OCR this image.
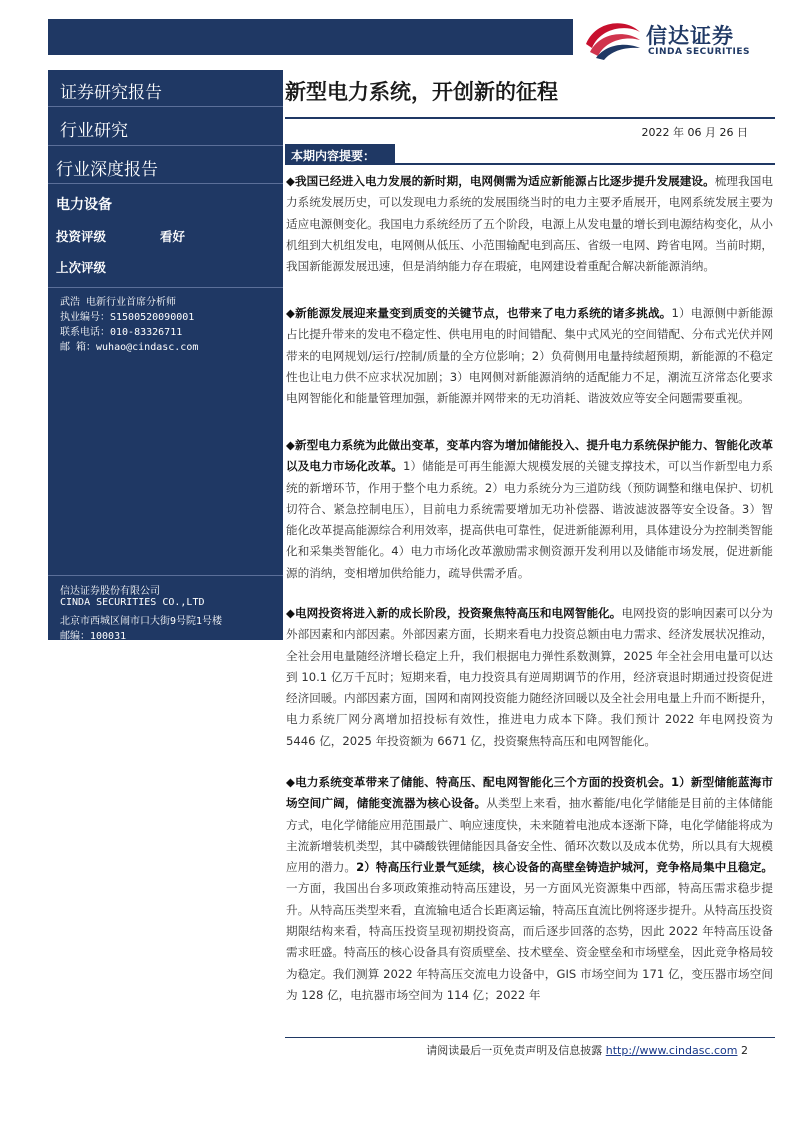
信达证券
CINDA SECURITIES
证券研究报告
行业研究
行业深度报告
电力设备
投资评级	看好
上次评级
武浩 电新行业首席分析师
执业编号：S1500520090001
联系电话：010-83326711
邮 箱：wuhao@cindasc.com
信达证券股份有限公司
CINDA SECURITIES CO.,LTD
北京市西城区闹市口大街9号院1号楼
邮编：100031
新型电力系统，开创新的征程
2022 年 06 月 26 日
本期内容提要：
◆我国已经进入电力发展的新时期，电网侧需为适应新能源占比逐步提升发展建设。梳理我国电力系统发展历史，可以发现电力系统的发展围绕当时的电力主要矛盾展开，电网系统发展主要为适应电源侧变化。我国电力系统经历了五个阶段，电源上从发电量的增长到电源结构变化，从小机组到大机组发电，电网侧从低压、小范围输配电到高压、省级一电网、跨省电网。当前时期，我国新能源发展迅速，但是消纳能力存在瑕疵，电网建设着重配合解决新能源消纳。
◆新能源发展迎来量变到质变的关键节点，也带来了电力系统的诸多挑战。1）电源侧中新能源占比提升带来的发电不稳定性、供电用电的时间错配、集中式风光的空间错配、分布式光伏并网带来的电网规划/运行/控制/质量的全方位影响；2）负荷侧用电量持续超预期，新能源的不稳定性也让电力供不应求状况加剧；3）电网侧对新能源消纳的适配能力不足，潮流互济常态化要求电网智能化和能量管理加强，新能源并网带来的无功消耗、谐波效应等安全问题需要重视。
◆新型电力系统为此做出变革，变革内容为增加储能投入、提升电力系统保护能力、智能化改革以及电力市场化改革。1）储能是可再生能源大规模发展的关键支撑技术，可以当作新型电力系统的新增环节，作用于整个电力系统。2）电力系统分为三道防线（预防调整和继电保护、切机切符合、紧急控制电压），目前电力系统需要增加无功补偿器、谐波滤波器等安全设备。3）智能化改革提高能源综合利用效率，提高供电可靠性，促进新能源利用，具体建设分为控制类智能化和采集类智能化。4）电力市场化改革激励需求侧资源开发利用以及储能市场发展，促进新能源的消纳，变相增加供给能力，疏导供需矛盾。
◆电网投资将进入新的成长阶段，投资聚焦特高压和电网智能化。电网投资的影响因素可以分为外部因素和内部因素。外部因素方面，长期来看电力投资总额由电力需求、经济发展状况推动，全社会用电量随经济增长稳定上升，我们根据电力弹性系数测算，2025 年全社会用电量可以达到 10.1 亿万千瓦时；短期来看，电力投资具有逆周期调节的作用，经济衰退时期通过投资促进经济回暖。内部因素方面，国网和南网投资能力随经济回暖以及全社会用电量上升而不断提升，电力系统厂网分离增加招投标有效性，推进电力成本下降。我们预计 2022 年电网投资为 5446 亿，2025 年投资额为 6671 亿，投资聚焦特高压和电网智能化。
◆电力系统变革带来了储能、特高压、配电网智能化三个方面的投资机会。1）新型储能蓝海市场空间广阔，储能变流器为核心设备。从类型上来看，抽水蓄能/电化学储能是目前的主体储能方式，电化学储能应用范围最广、响应速度快，未来随着电池成本逐渐下降，电化学储能将成为主流新增装机类型，其中磷酸铁锂储能因具备安全性、循环次数以及成本优势，所以具有大规模应用的潜力。2）特高压行业景气延续，核心设备的高壁垒铸造护城河，竞争格局集中且稳定。一方面，我国出台多项政策推动特高压建设，另一方面风光资源集中西部，特高压需求稳步提升。从特高压类型来看，直流输电适合长距离运输，特高压直流比例将逐步提升。从特高压投资期限结构来看，特高压投资呈现初期投资高，而后逐步回落的态势，因此 2022 年特高压设备需求旺盛。特高压的核心设备具有资质壁垒、技术壁垒、资金壁垒和市场壁垒，因此竞争格局较为稳定。我们测算 2022 年特高压交流电力设备中，GIS 市场空间为 171 亿，变压器市场空间为 128 亿，电抗器市场空间为 114 亿；2022 年
请阅读最后一页免责声明及信息披露 http://www.cindasc.com 2
